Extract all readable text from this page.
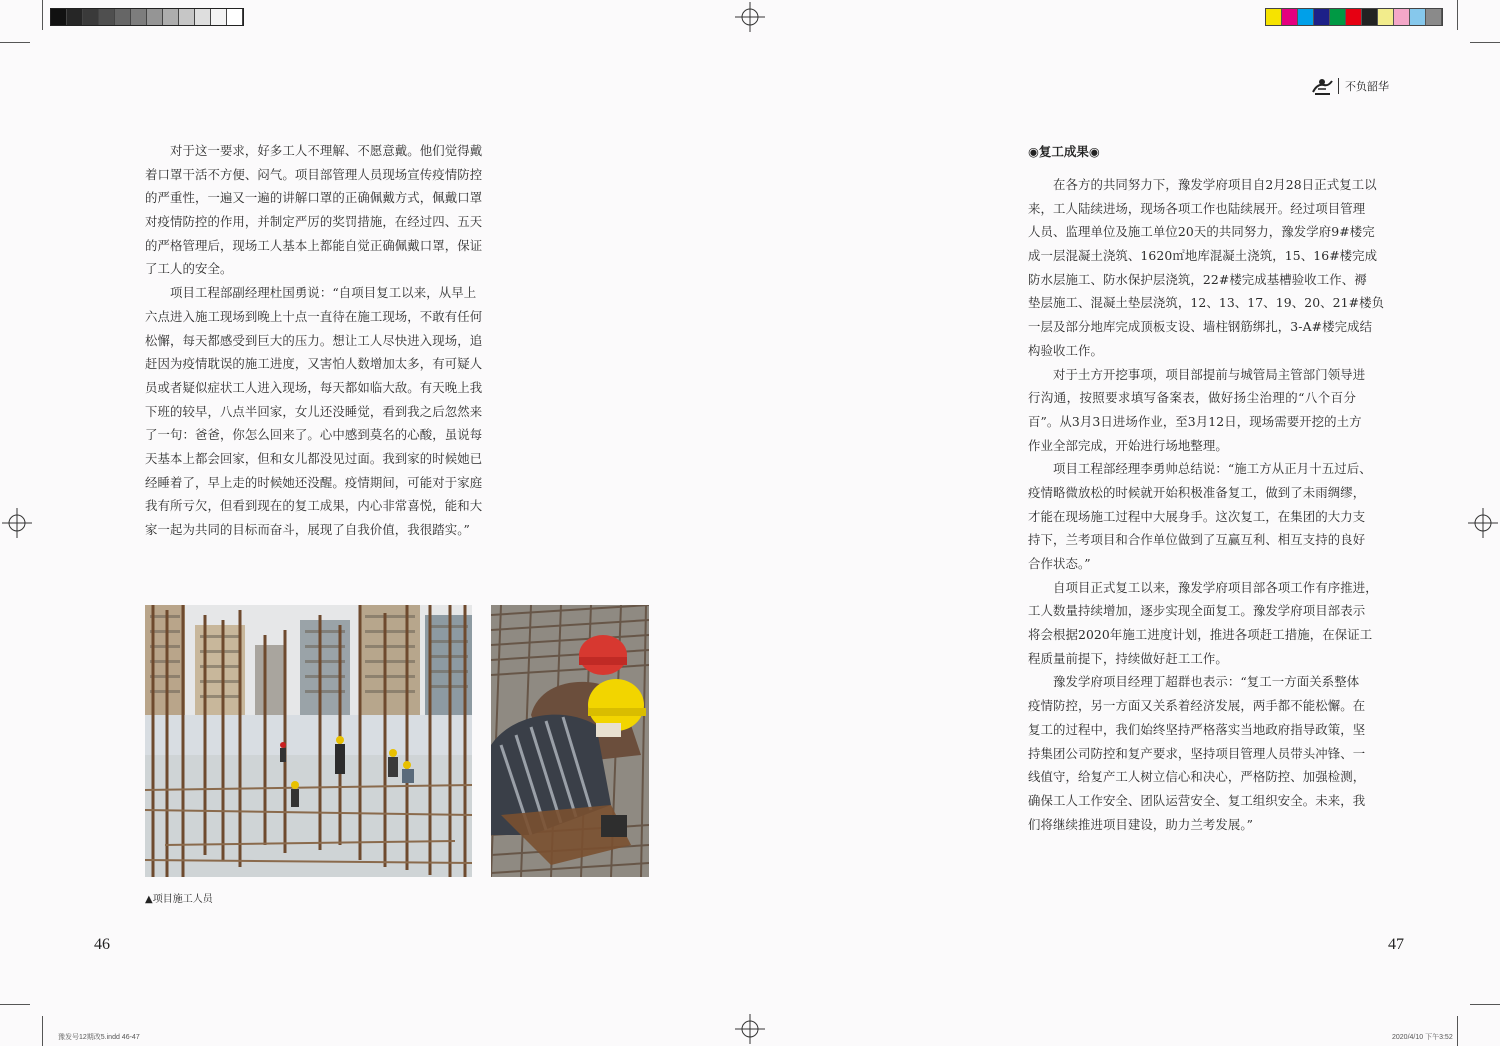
不负韶华
　　对于这一要求，好多工人不理解、不愿意戴。他们觉得戴
着口罩干活不方便、闷气。项目部管理人员现场宣传疫情防控
的严重性，一遍又一遍的讲解口罩的正确佩戴方式，佩戴口罩
对疫情防控的作用，并制定严厉的奖罚措施，在经过四、五天
的严格管理后，现场工人基本上都能自觉正确佩戴口罩，保证
了工人的安全。
　　项目工程部副经理杜国勇说：“自项目复工以来，从早上
六点进入施工现场到晚上十点一直待在施工现场，不敢有任何
松懈，每天都感受到巨大的压力。想让工人尽快进入现场，追
赶因为疫情耽误的施工进度，又害怕人数增加太多，有可疑人
员或者疑似症状工人进入现场，每天都如临大敌。有天晚上我
下班的较早，八点半回家，女儿还没睡觉，看到我之后忽然来
了一句：爸爸，你怎么回来了。心中感到莫名的心酸，虽说每
天基本上都会回家，但和女儿都没见过面。我到家的时候她已
经睡着了，早上走的时候她还没醒。疫情期间，可能对于家庭
我有所亏欠，但看到现在的复工成果，内心非常喜悦，能和大
家一起为共同的目标而奋斗，展现了自我价值，我很踏实。”
▲项目施工人员
◉复工成果◉
　　在各方的共同努力下，豫发学府项目自2月28日正式复工以
来，工人陆续进场，现场各项工作也陆续展开。经过项目管理
人员、监理单位及施工单位20天的共同努力，豫发学府9#楼完
成一层混凝土浇筑、1620㎡地库混凝土浇筑，15、16#楼完成
防水层施工、防水保护层浇筑，22#楼完成基槽验收工作、褥
垫层施工、混凝土垫层浇筑，12、13、17、19、20、21#楼负
一层及部分地库完成顶板支设、墙柱钢筋绑扎，3-A#楼完成结
构验收工作。
　　对于土方开挖事项，项目部提前与城管局主管部门领导进
行沟通，按照要求填写备案表，做好扬尘治理的“八个百分
百”。从3月3日进场作业，至3月12日，现场需要开挖的土方
作业全部完成，开始进行场地整理。
　　项目工程部经理李勇帅总结说：“施工方从正月十五过后、
疫情略微放松的时候就开始积极准备复工，做到了未雨绸缪，
才能在现场施工过程中大展身手。这次复工，在集团的大力支
持下，兰考项目和合作单位做到了互赢互利、相互支持的良好
合作状态。”
　　自项目正式复工以来，豫发学府项目部各项工作有序推进，
工人数量持续增加，逐步实现全面复工。豫发学府项目部表示
将会根据2020年施工进度计划，推进各项赶工措施，在保证工
程质量前提下，持续做好赶工工作。
　　豫发学府项目经理丁超群也表示：“复工一方面关系整体
疫情防控，另一方面又关系着经济发展，两手都不能松懈。在
复工的过程中，我们始终坚持严格落实当地政府指导政策，坚
持集团公司防控和复产要求，坚持项目管理人员带头冲锋、一
线值守，给复产工人树立信心和决心，严格防控、加强检测，
确保工人工作安全、团队运营安全、复工组织安全。未来，我
们将继续推进项目建设，助力兰考发展。”
46	47
豫发号12期改5.indd 46-47	2020/4/10 下午3:52
